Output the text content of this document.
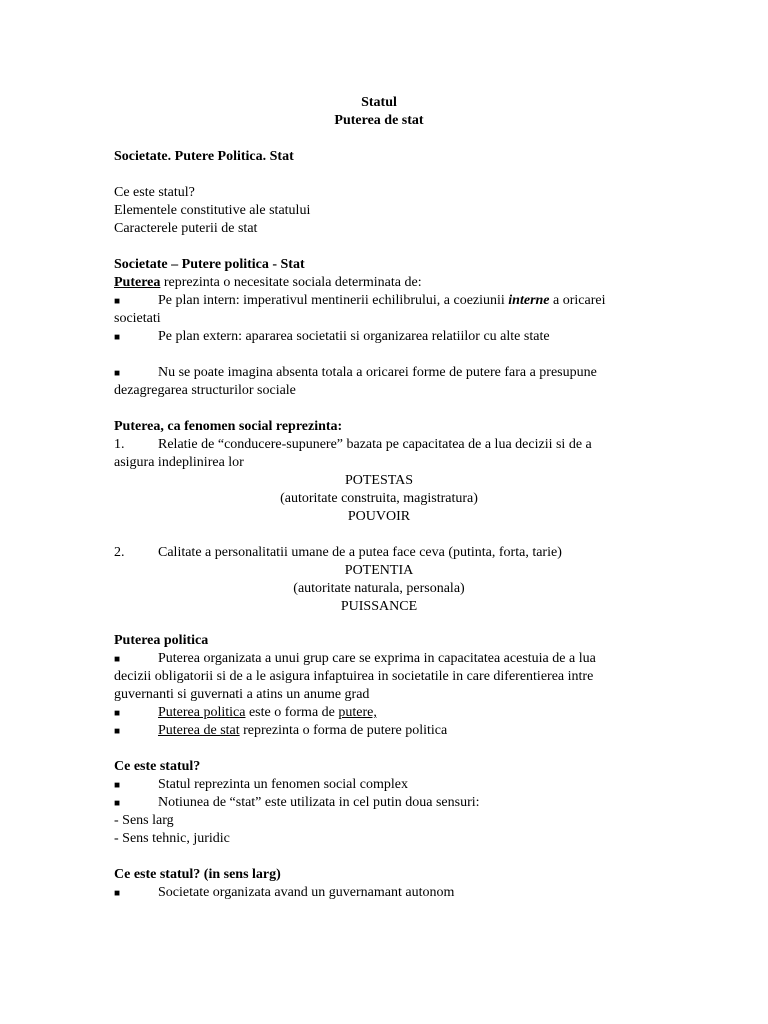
Statul
Puterea de stat
Societate. Putere Politica. Stat
Ce este statul?
Elementele constitutive ale statului
Caracterele puterii de stat
Societate – Putere politica - Stat
Puterea reprezinta o necesitate sociala determinata de:
■	Pe plan intern: imperativul mentinerii echilibrului, a coeziunii interne a oricarei
societati
■	Pe plan extern: apararea societatii si organizarea relatiilor cu alte state
■	Nu se poate imagina absenta totala a oricarei forme de putere fara a presupune
dezagregarea structurilor sociale
Puterea, ca fenomen social reprezinta:
1. Relatie de “conducere-supunere” bazata pe capacitatea de a lua decizii si de a
asigura indeplinirea lor
POTESTAS
(autoritate construita, magistratura)
POUVOIR
2. Calitate a personalitatii umane de a putea face ceva (putinta, forta, tarie)
POTENTIA
(autoritate naturala, personala)
PUISSANCE
Puterea politica
■	Puterea organizata a unui grup care se exprima in capacitatea acestuia de a lua
decizii obligatorii si de a le asigura infaptuirea in societatile in care diferentierea intre
guvernanti si guvernati a atins un anume grad
■	Puterea politica este o forma de putere,
■	Puterea de stat reprezinta o forma de putere politica
Ce este statul?
■	Statul reprezinta un fenomen social complex
■	Notiunea de “stat” este utilizata in cel putin doua sensuri:
- Sens larg
- Sens tehnic, juridic
Ce este statul? (in sens larg)
■	Societate organizata avand un guvernamant autonom
